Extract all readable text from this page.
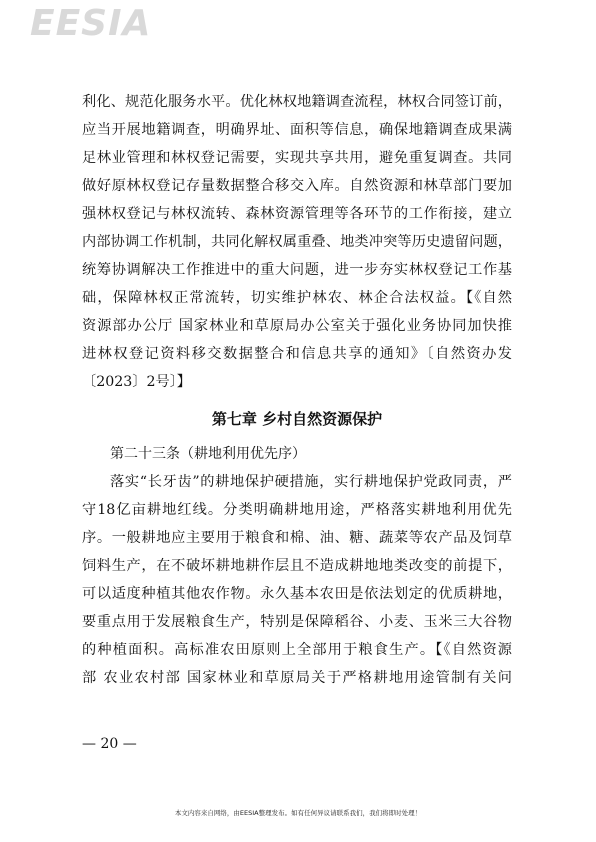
EESIA
利化、规范化服务水平。优化林权地籍调查流程，林权合同签订前，
应当开展地籍调查，明确界址、面积等信息，确保地籍调查成果满
足林业管理和林权登记需要，实现共享共用，避免重复调查。共同
做好原林权登记存量数据整合移交入库。自然资源和林草部门要加
强林权登记与林权流转、森林资源管理等各环节的工作衔接，建立
内部协调工作机制，共同化解权属重叠、地类冲突等历史遗留问题，
统筹协调解决工作推进中的重大问题，进一步夯实林权登记工作基
础，保障林权正常流转，切实维护林农、林企合法权益。【《自然
资源部办公厅 国家林业和草原局办公室关于强化业务协同加快推
进林权登记资料移交数据整合和信息共享的通知》〔自然资办发
〔2023〕2号〕】
第七章 乡村自然资源保护
第二十三条（耕地利用优先序）
落实“长牙齿”的耕地保护硬措施，实行耕地保护党政同责，严
守18亿亩耕地红线。分类明确耕地用途，严格落实耕地利用优先
序。一般耕地应主要用于粮食和棉、油、糖、蔬菜等农产品及饲草
饲料生产，在不破坏耕地耕作层且不造成耕地地类改变的前提下，
可以适度种植其他农作物。永久基本农田是依法划定的优质耕地，
要重点用于发展粮食生产，特别是保障稻谷、小麦、玉米三大谷物
的种植面积。高标准农田原则上全部用于粮食生产。【《自然资源
部 农业农村部 国家林业和草原局关于严格耕地用途管制有关问
— 20 —
本文内容来自网络，由EESIA整理发布。如有任何异议请联系我们，我们将即时处理！
